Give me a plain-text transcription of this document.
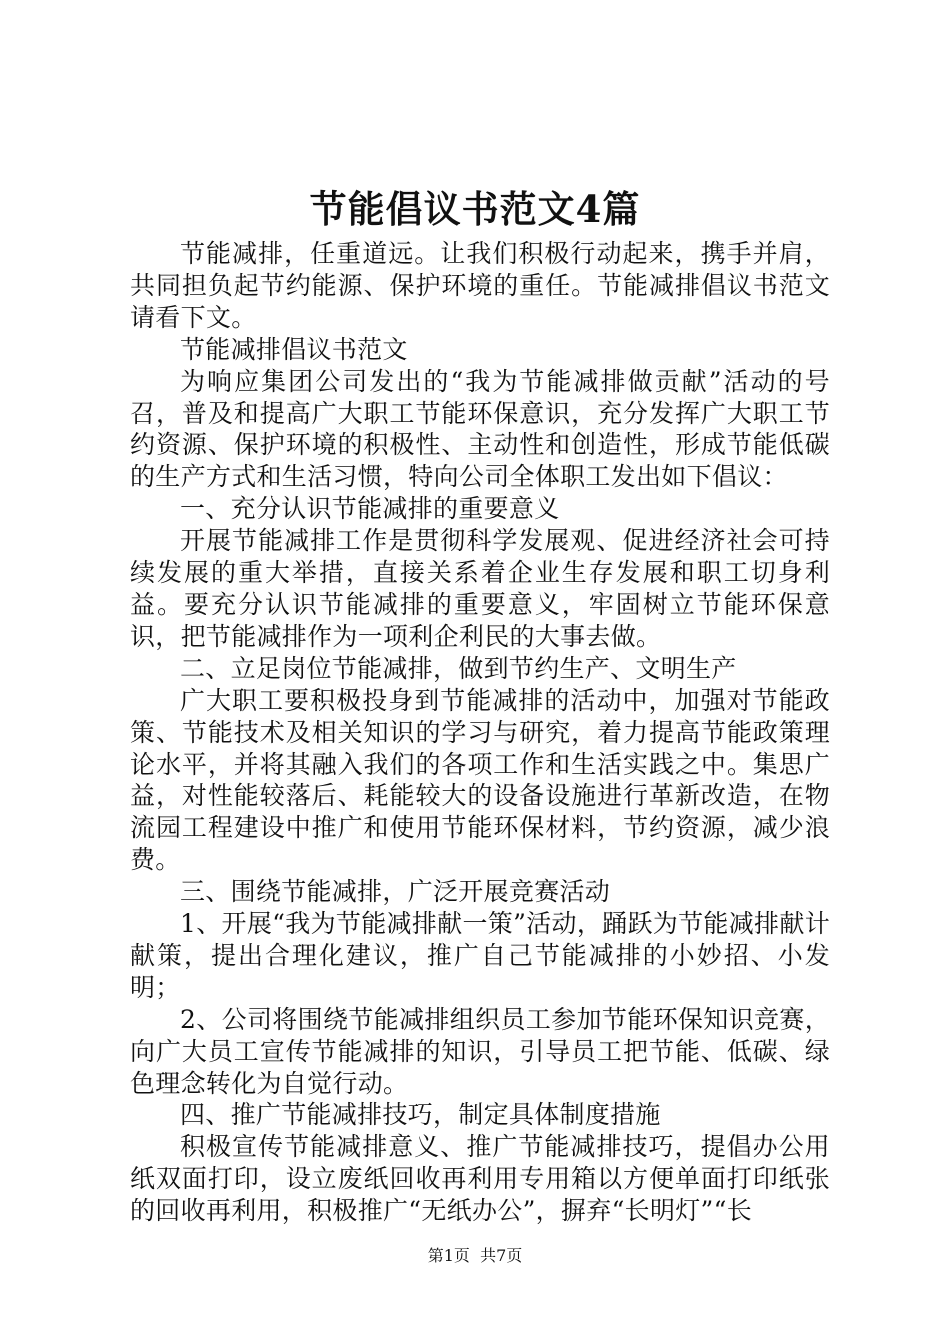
节能倡议书范文4篇

节能减排，任重道远。让我们积极行动起来，携手并肩，共同担负起节约能源、保护环境的重任。节能减排倡议书范文请看下文。

节能减排倡议书范文

为响应集团公司发出的“我为节能减排做贡献”活动的号召，普及和提高广大职工节能环保意识，充分发挥广大职工节约资源、保护环境的积极性、主动性和创造性，形成节能低碳的生产方式和生活习惯，特向公司全体职工发出如下倡议：

一、充分认识节能减排的重要意义

开展节能减排工作是贯彻科学发展观、促进经济社会可持续发展的重大举措，直接关系着企业生存发展和职工切身利益。要充分认识节能减排的重要意义，牢固树立节能环保意识，把节能减排作为一项利企利民的大事去做。

二、立足岗位节能减排，做到节约生产、文明生产

广大职工要积极投身到节能减排的活动中，加强对节能政策、节能技术及相关知识的学习与研究，着力提高节能政策理论水平，并将其融入我们的各项工作和生活实践之中。集思广益，对性能较落后、耗能较大的设备设施进行革新改造，在物流园工程建设中推广和使用节能环保材料，节约资源，减少浪费。

三、围绕节能减排，广泛开展竞赛活动

1、开展“我为节能减排献一策”活动，踊跃为节能减排献计献策，提出合理化建议，推广自己节能减排的小妙招、小发明；

2、公司将围绕节能减排组织员工参加节能环保知识竞赛，向广大员工宣传节能减排的知识，引导员工把节能、低碳、绿色理念转化为自觉行动。

四、推广节能减排技巧，制定具体制度措施

积极宣传节能减排意义、推广节能减排技巧，提倡办公用纸双面打印，设立废纸回收再利用专用箱以方便单面打印纸张的回收再利用，积极推广“无纸办公”，摒弃“长明灯”“长

第1页  共7页
